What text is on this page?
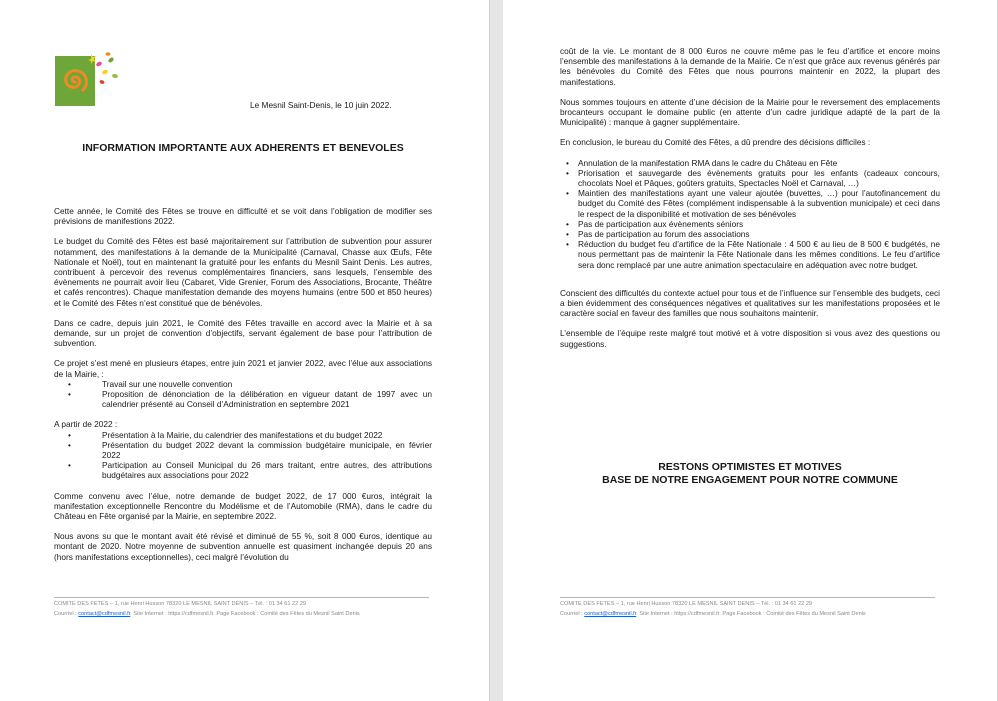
Le Mesnil Saint-Denis, le 10 juin 2022.
INFORMATION IMPORTANTE AUX ADHERENTS ET BENEVOLES

Cette année, le Comité des Fêtes se trouve en difficulté et se voit dans l’obligation de modifier ses prévisions de manifestions 2022.

Le budget du Comité des Fêtes est basé majoritairement sur l’attribution de subvention pour assurer notamment, des manifestations à la demande de la Municipalité (Carnaval, Chasse aux Œufs, Fête Nationale et Noël), tout en maintenant la gratuité pour les enfants du Mesnil Saint Denis. Les autres, contribuent à percevoir des revenus complémentaires financiers, sans lesquels, l’ensemble des évènements ne pourrait avoir lieu (Cabaret, Vide Grenier, Forum des Associations, Brocante, Théâtre et cafés rencontres). Chaque manifestation demande des moyens humains (entre 500 et 850 heures) et le Comité des Fêtes n’est constitué que de bénévoles.

Dans ce cadre, depuis juin 2021, le Comité des Fêtes travaille en accord avec la Mairie et à sa demande, sur un projet de convention d’objectifs, servant également de base pour l’attribution de subvention.

Ce projet s’est mené en plusieurs étapes, entre juin 2021 et janvier 2022, avec l’élue aux associations de la Mairie, :

• Travail sur une nouvelle convention
• Proposition de dénonciation de la délibération en vigueur datant de 1997 avec un calendrier présenté au Conseil d’Administration en septembre 2021

A partir de 2022 :

• Présentation à la Mairie, du calendrier des manifestations et du budget 2022
• Présentation du budget 2022 devant la commission budgétaire municipale, en février 2022
• Participation au Conseil Municipal du 26 mars traitant, entre autres, des attributions budgétaires aux associations pour 2022

Comme convenu avec l’élue, notre demande de budget 2022, de 17 000 €uros, intégrait la manifestation exceptionnelle Rencontre du Modélisme et de l’Automobile (RMA), dans le cadre du Château en Fête organisé par la Mairie, en septembre 2022.

Nous avons su que le montant avait été révisé et diminué de 55 %, soit 8 000 €uros, identique au montant de 2020. Notre moyenne de subvention annuelle est quasiment inchangée depuis 20 ans (hors manifestations exceptionnelles), ceci malgré l’évolution du

COMITE DES FETES – 1, rue Henri Husson 78320 LE MESNIL SAINT DENIS – Tél. : 01 34 61 22 29
Courriel : contact@cdfmesnil.fr. Site Internet : https://cdfmesnil.fr. Page Facebook : Comité des Fêtes du Mesnil Saint Denis

coût de la vie. Le montant de 8 000 €uros ne couvre même pas le feu d’artifice et encore moins l’ensemble des manifestations à la demande de la Mairie. Ce n’est que grâce aux revenus générés par les bénévoles du Comité des Fêtes que nous pourrons maintenir en 2022, la plupart des manifestations.

Nous sommes toujours en attente d’une décision de la Mairie pour le reversement des emplacements brocanteurs occupant le domaine public (en attente d’un cadre juridique adapté de la part de la Municipalité) : manque à gagner supplémentaire.

En conclusion, le bureau du Comité des Fêtes, a dû prendre des décisions difficiles :

• Annulation de la manifestation RMA dans le cadre du Château en Fête
• Priorisation et sauvegarde des évènements gratuits pour les enfants (cadeaux concours, chocolats Noel et Pâques, goûters gratuits, Spectacles Noël et Carnaval, …)
• Maintien des manifestations ayant une valeur ajoutée (buvettes, …) pour l’autofinancement du budget du Comité des Fêtes (complément indispensable à la subvention municipale) et ceci dans le respect de la disponibilité et motivation de ses bénévoles
• Pas de participation aux évènements séniors
• Pas de participation au forum des associations
• Réduction du budget feu d’artifice de la Fête Nationale : 4 500 € au lieu de 8 500 € budgétés, ne nous permettant pas de maintenir la Fête Nationale dans les mêmes conditions. Le feu d’artifice sera donc remplacé par une autre animation spectaculaire en adéquation avec notre budget.

Conscient des difficultés du contexte actuel pour tous et de l’influence sur l’ensemble des budgets, ceci a bien évidemment des conséquences négatives et qualitatives sur les manifestations proposées et le caractère social en faveur des familles que nous souhaitons maintenir.

L’ensemble de l’équipe reste malgré tout motivé et à votre disposition si vous avez des questions ou suggestions.

RESTONS OPTIMISTES ET MOTIVES
BASE DE NOTRE ENGAGEMENT POUR NOTRE COMMUNE
COMITE DES FETES – 1, rue Henri Husson 78320 LE MESNIL SAINT DENIS – Tél. : 01 34 61 22 29
Courriel : contact@cdfmesnil.fr. Site Internet : https://cdfmesnil.fr. Page Facebook : Comité des Fêtes du Mesnil Saint Denis
